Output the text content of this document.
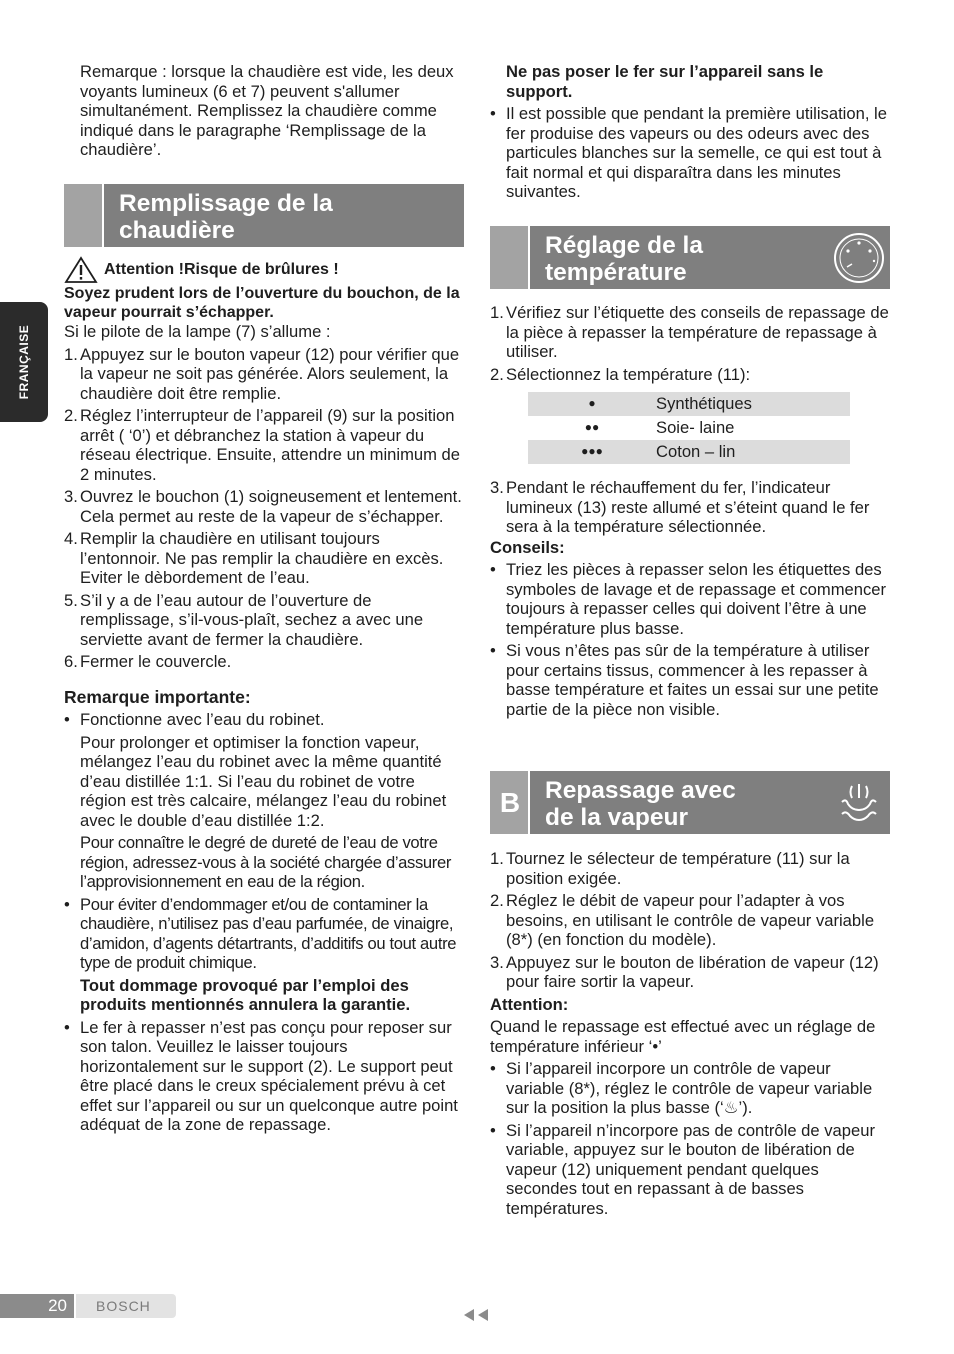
FRANÇAISE

Remarque : lorsque la chaudière est vide, les deux voyants lumineux (6 et 7) peuvent s'allumer simultanément. Remplissez la chaudière comme indiqué dans le paragraphe ‘Remplissage de la chaudière’.

Remplissage de la
chaudière
Attention !Risque de brûlures !

Soyez prudent lors de l’ouverture du bouchon, de la vapeur pourrait s’échapper.

Si le pilote de la lampe (7) s’allume :

1. Appuyez sur le bouton vapeur (12) pour vérifier que la vapeur ne soit pas générée. Alors seulement, la chaudière doit être remplie.
2. Réglez l’interrupteur de l’appareil (9) sur la position arrêt ( ‘0’) et débranchez la station à vapeur du réseau électrique. Ensuite, attendre un minimum de 2 minutes.
3. Ouvrez le bouchon (1) soigneusement et lentement. Cela permet au reste de la vapeur de s’échapper.
4. Remplir la chaudière en utilisant toujours l’entonnoir. Ne pas remplir la chaudière en excès. Eviter le dèbordement de l’eau.
5. S’il y a de l’eau autour de l’ouverture de remplissage, s’il-vous-plaît, sechez a avec une serviette avant de fermer la chaudière.
6. Fermer le couvercle.

Remarque importante:

• Fonctionne avec l’eau du robinet.

Pour prolonger et optimiser la fonction vapeur, mélangez l’eau du robinet avec la même quantité d’eau distillée 1:1. Si l’eau du robinet de votre région est très calcaire, mélangez l’eau du robinet avec le double d’eau distillée 1:2.

Pour connaître le degré de dureté de l’eau de votre région, adressez-vous à la société chargée d’assurer l’approvisionnement en eau de la région.

• Pour éviter d’endommager et/ou de contaminer la chaudière, n’utilisez pas d’eau parfumée, de vinaigre, d’amidon, d’agents détartrants, d’additifs ou tout autre type de produit chimique.

Tout dommage provoqué par l’emploi des produits mentionnés annulera la garantie.

• Le fer à repasser n’est pas conçu pour reposer sur son talon. Veuillez le laisser toujours horizontalement sur le support (2). Le support peut être placé dans le creux spécialement prévu à cet effet sur l’appareil ou sur un quelconque autre point adéquat de la zone de repassage.

Ne pas poser le fer sur l’appareil sans le support.

• Il est possible que pendant la première utilisation, le fer produise des vapeurs ou des odeurs avec des particules blanches sur la semelle, ce qui est tout à fait normal et qui disparaîtra dans les minutes suivantes.
Réglage de la
température
1. Vérifiez sur l’étiquette des conseils de repassage de la pièce à repasser la température de repassage à utiliser.
2. Sélectionnez la température (11):
●	Synthétiques
●●	Soie- laine
●●●	Coton – lin
3. Pendant le réchauffement du fer, l’indicateur lumineux (13) reste allumé et s’éteint quand le fer sera à la température sélectionnée.

Conseils:

• Triez les pièces à repasser selon les étiquettes des symboles de lavage et de repassage et commencer toujours à repasser celles qui doivent l’être à une température plus basse.
• Si vous n’êtes pas sûr de la température à utiliser pour certains tissus, commencer à les repasser à basse température et faites un essai sur une petite partie de la pièce non visible.
B	Repassage avec
de la vapeur
1. Tournez le sélecteur de température (11) sur la position exigée.
2. Réglez le débit de vapeur pour l’adapter à vos besoins, en utilisant le contrôle de vapeur variable (8*) (en fonction du modèle).
3. Appuyez sur le bouton de libération de vapeur (12) pour faire sortir la vapeur.

Attention:

Quand le repassage est effectué avec un réglage de température inférieur ‘•’

• Si l’appareil incorpore un contrôle de vapeur variable (8*), réglez le contrôle de vapeur variable sur la position la plus basse (‘♨’).
• Si l’appareil n’incorpore pas de contrôle de vapeur variable, appuyez sur le bouton de libération de vapeur (12) uniquement pendant quelques secondes tout en repassant à de basses températures.
20	BOSCH
